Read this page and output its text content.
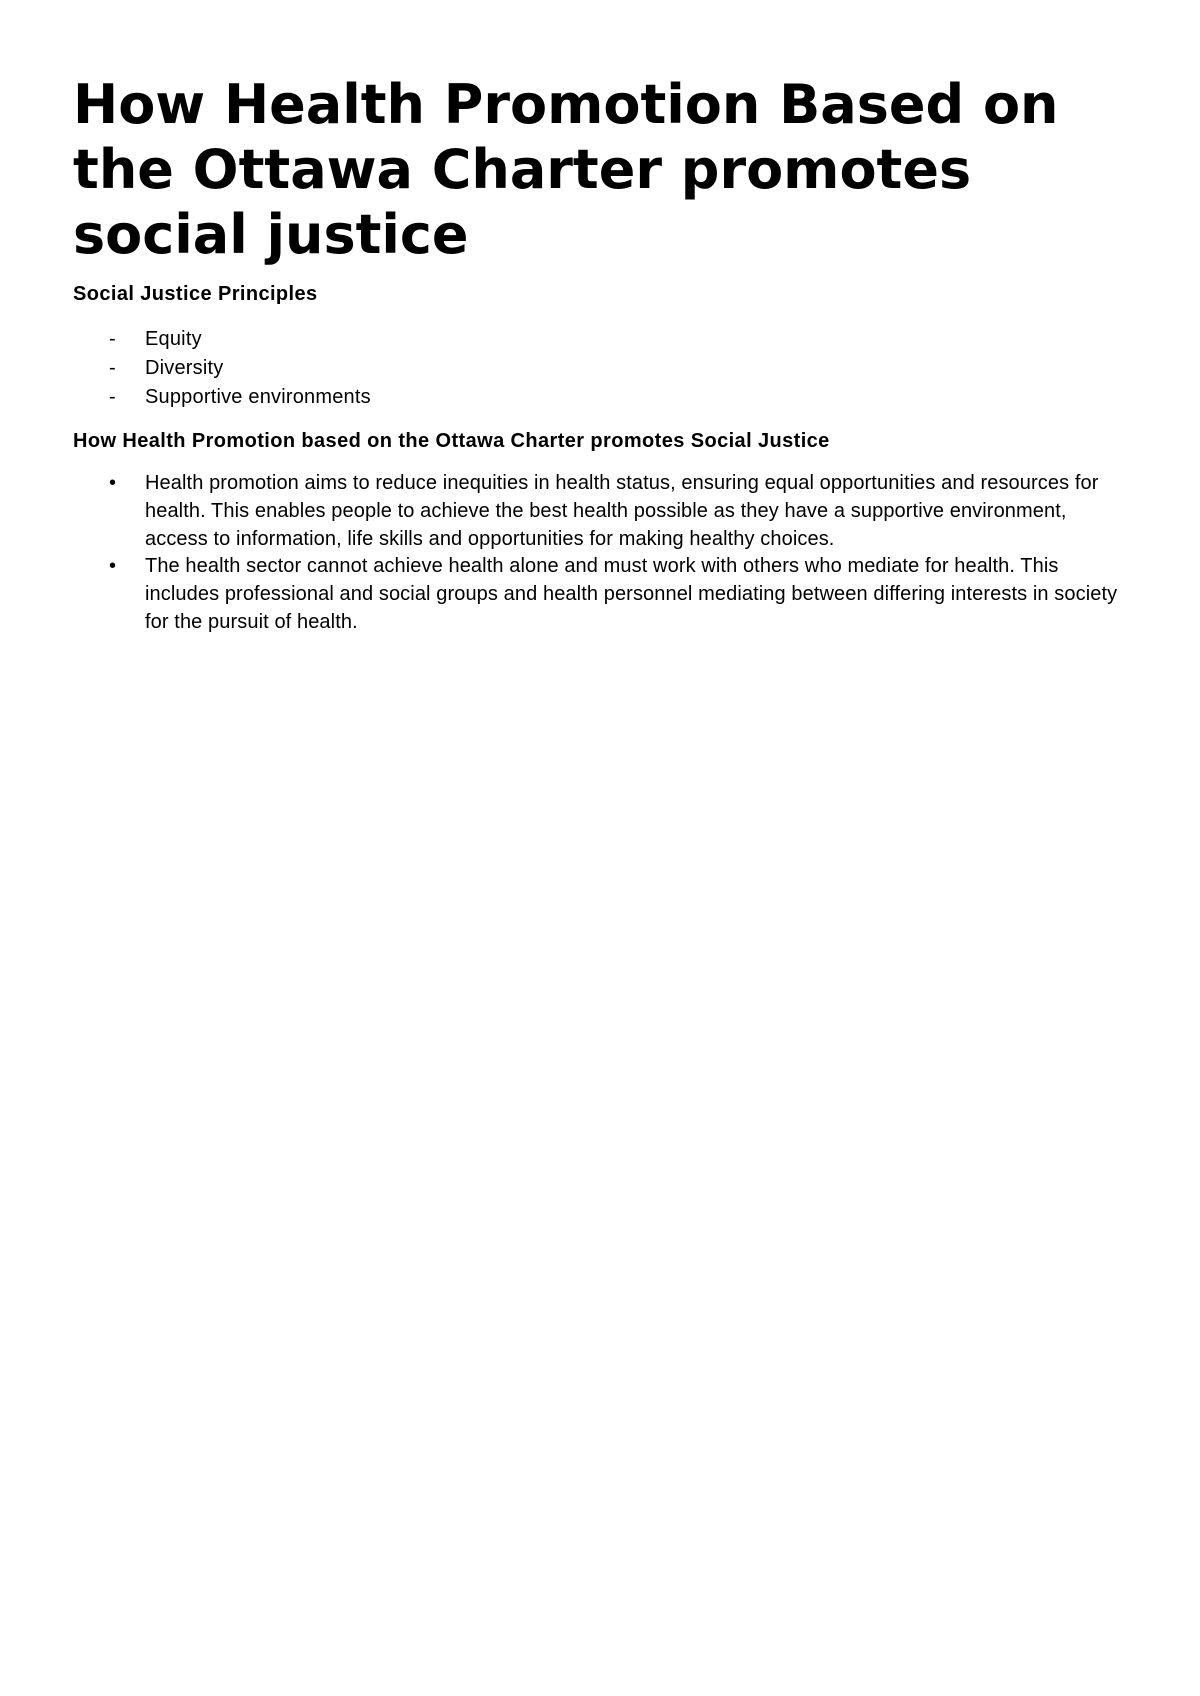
How Health Promotion Based on the Ottawa Charter promotes social justice
Social Justice Principles
- Equity
- Diversity
- Supportive environments
How Health Promotion based on the Ottawa Charter promotes Social Justice
• Health promotion aims to reduce inequities in health status, ensuring equal opportunities and resources for health. This enables people to achieve the best health possible as they have a supportive environment, access to information, life skills and opportunities for making healthy choices.
• The health sector cannot achieve health alone and must work with others who mediate for health. This includes professional and social groups and health personnel mediating between differing interests in society for the pursuit of health.
